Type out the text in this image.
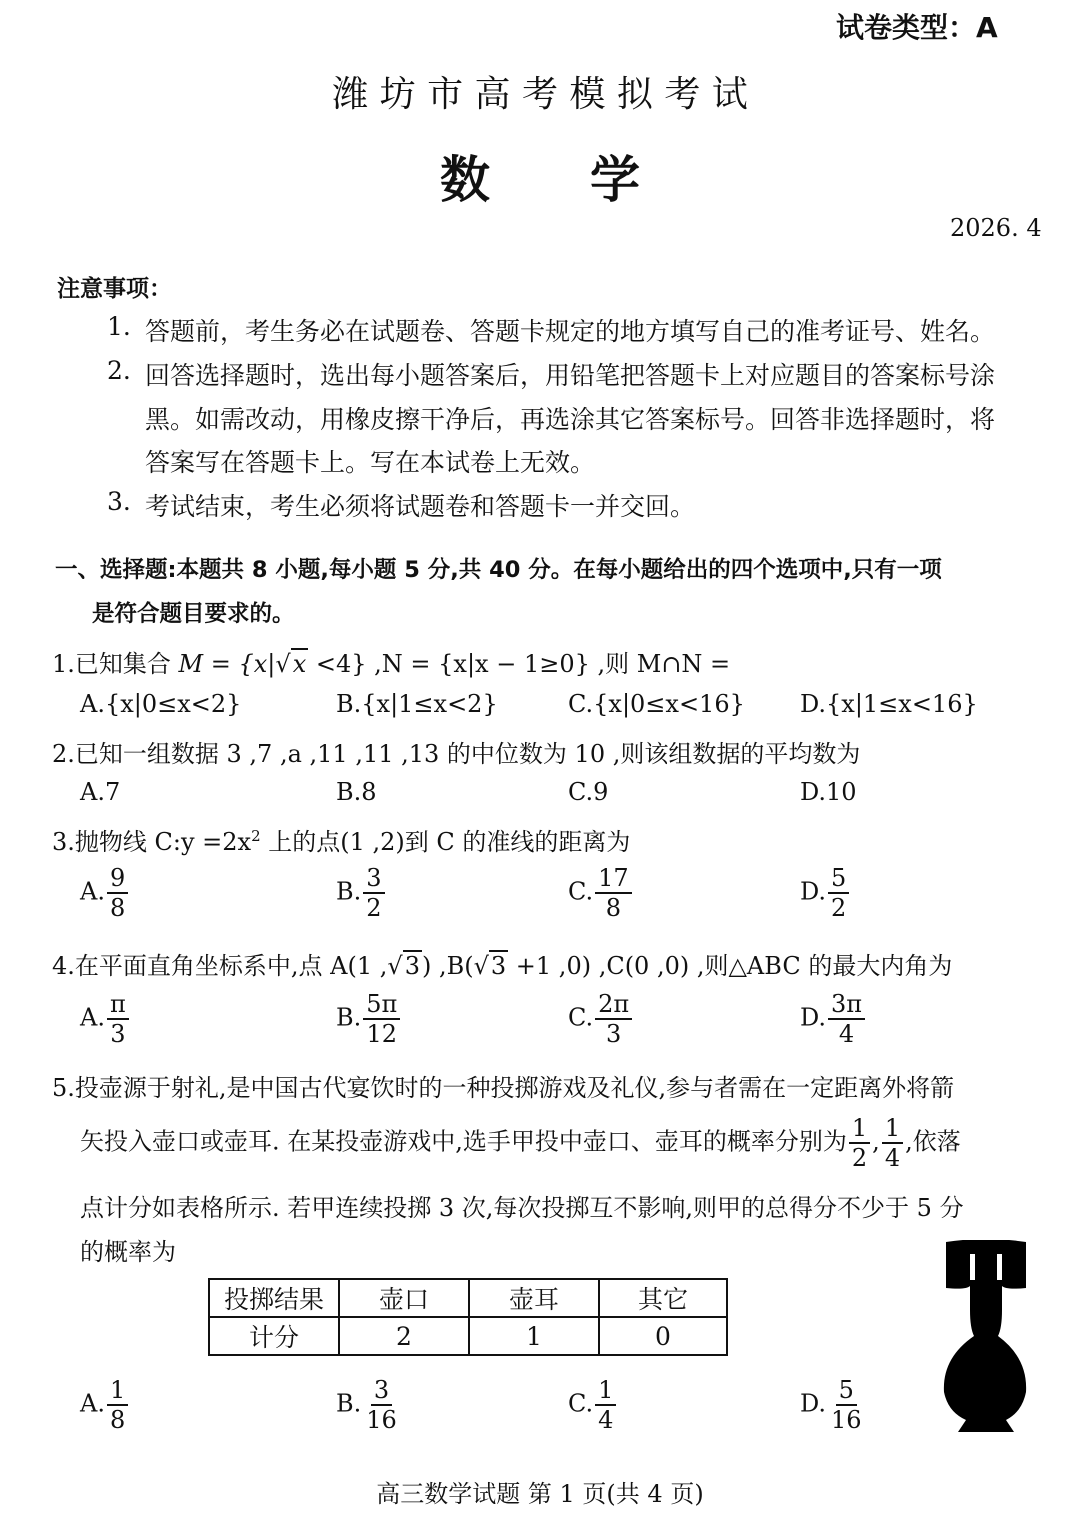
试卷类型：A
潍 坊 市 高 考 模 拟 考 试
数　　学
2026. 4
注意事项：
1. 答题前，考生务必在试题卷、答题卡规定的地方填写自己的准考证号、姓名。
2. 回答选择题时，选出每小题答案后，用铅笔把答题卡上对应题目的答案标号涂
黑。如需改动，用橡皮擦干净后，再选涂其它答案标号。回答非选择题时，将
答案写在答题卡上。写在本试卷上无效。
3. 考试结束，考生必须将试题卷和答题卡一并交回。
一、选择题:本题共 8 小题,每小题 5 分,共 40 分。在每小题给出的四个选项中,只有一项
是符合题目要求的。
1.已知集合 M = {x|√x <4} ,N = {x|x − 1≥0} ,则 M∩N =
A.{x|0≤x<2}	B.{x|1≤x<2}	C.{x|0≤x<16} D.{x|1≤x<16}
2.已知一组数据 3 ,7 ,a ,11 ,11 ,13 的中位数为 10 ,则该组数据的平均数为
A.7	B.8	C.9	D.10
3.抛物线 C:y $=2x^2$ 上的点(1 ,2)到 C 的准线的距离为
A. $\frac{9}{8}$	B. $\frac{3}{2}$	C. $\frac{17}{8}$	D. $\frac{5}{2}$
4.在平面直角坐标系中,点 A(1 ,√3) ,B(√3 +1 ,0) ,C(0 ,0) ,则△ABC 的最大内角为
A. $\frac{\pi}{3}$	B. $\frac{5\pi}{12}$	C. $\frac{2\pi}{3}$	D. $\frac{3\pi}{4}$
5.投壶源于射礼,是中国古代宴饮时的一种投掷游戏及礼仪,参与者需在一定距离外将箭
矢投入壶口或壶耳. 在某投壶游戏中,选手甲投中壶口、壶耳的概率分别为 $\frac{1}{2}$ , $\frac{1}{4}$ ,依落
点计分如表格所示. 若甲连续投掷 3 次,每次投掷互不影响,则甲的总得分不少于 5 分
的概率为
投掷结果	壶口	壶耳	其它
计分	2	1	0
A. $\frac{1}{8}$	B. $\frac{3}{16}$	C. $\frac{1}{4}$	D. $\frac{5}{16}$
高三数学试题 第 1 页(共 4 页)
